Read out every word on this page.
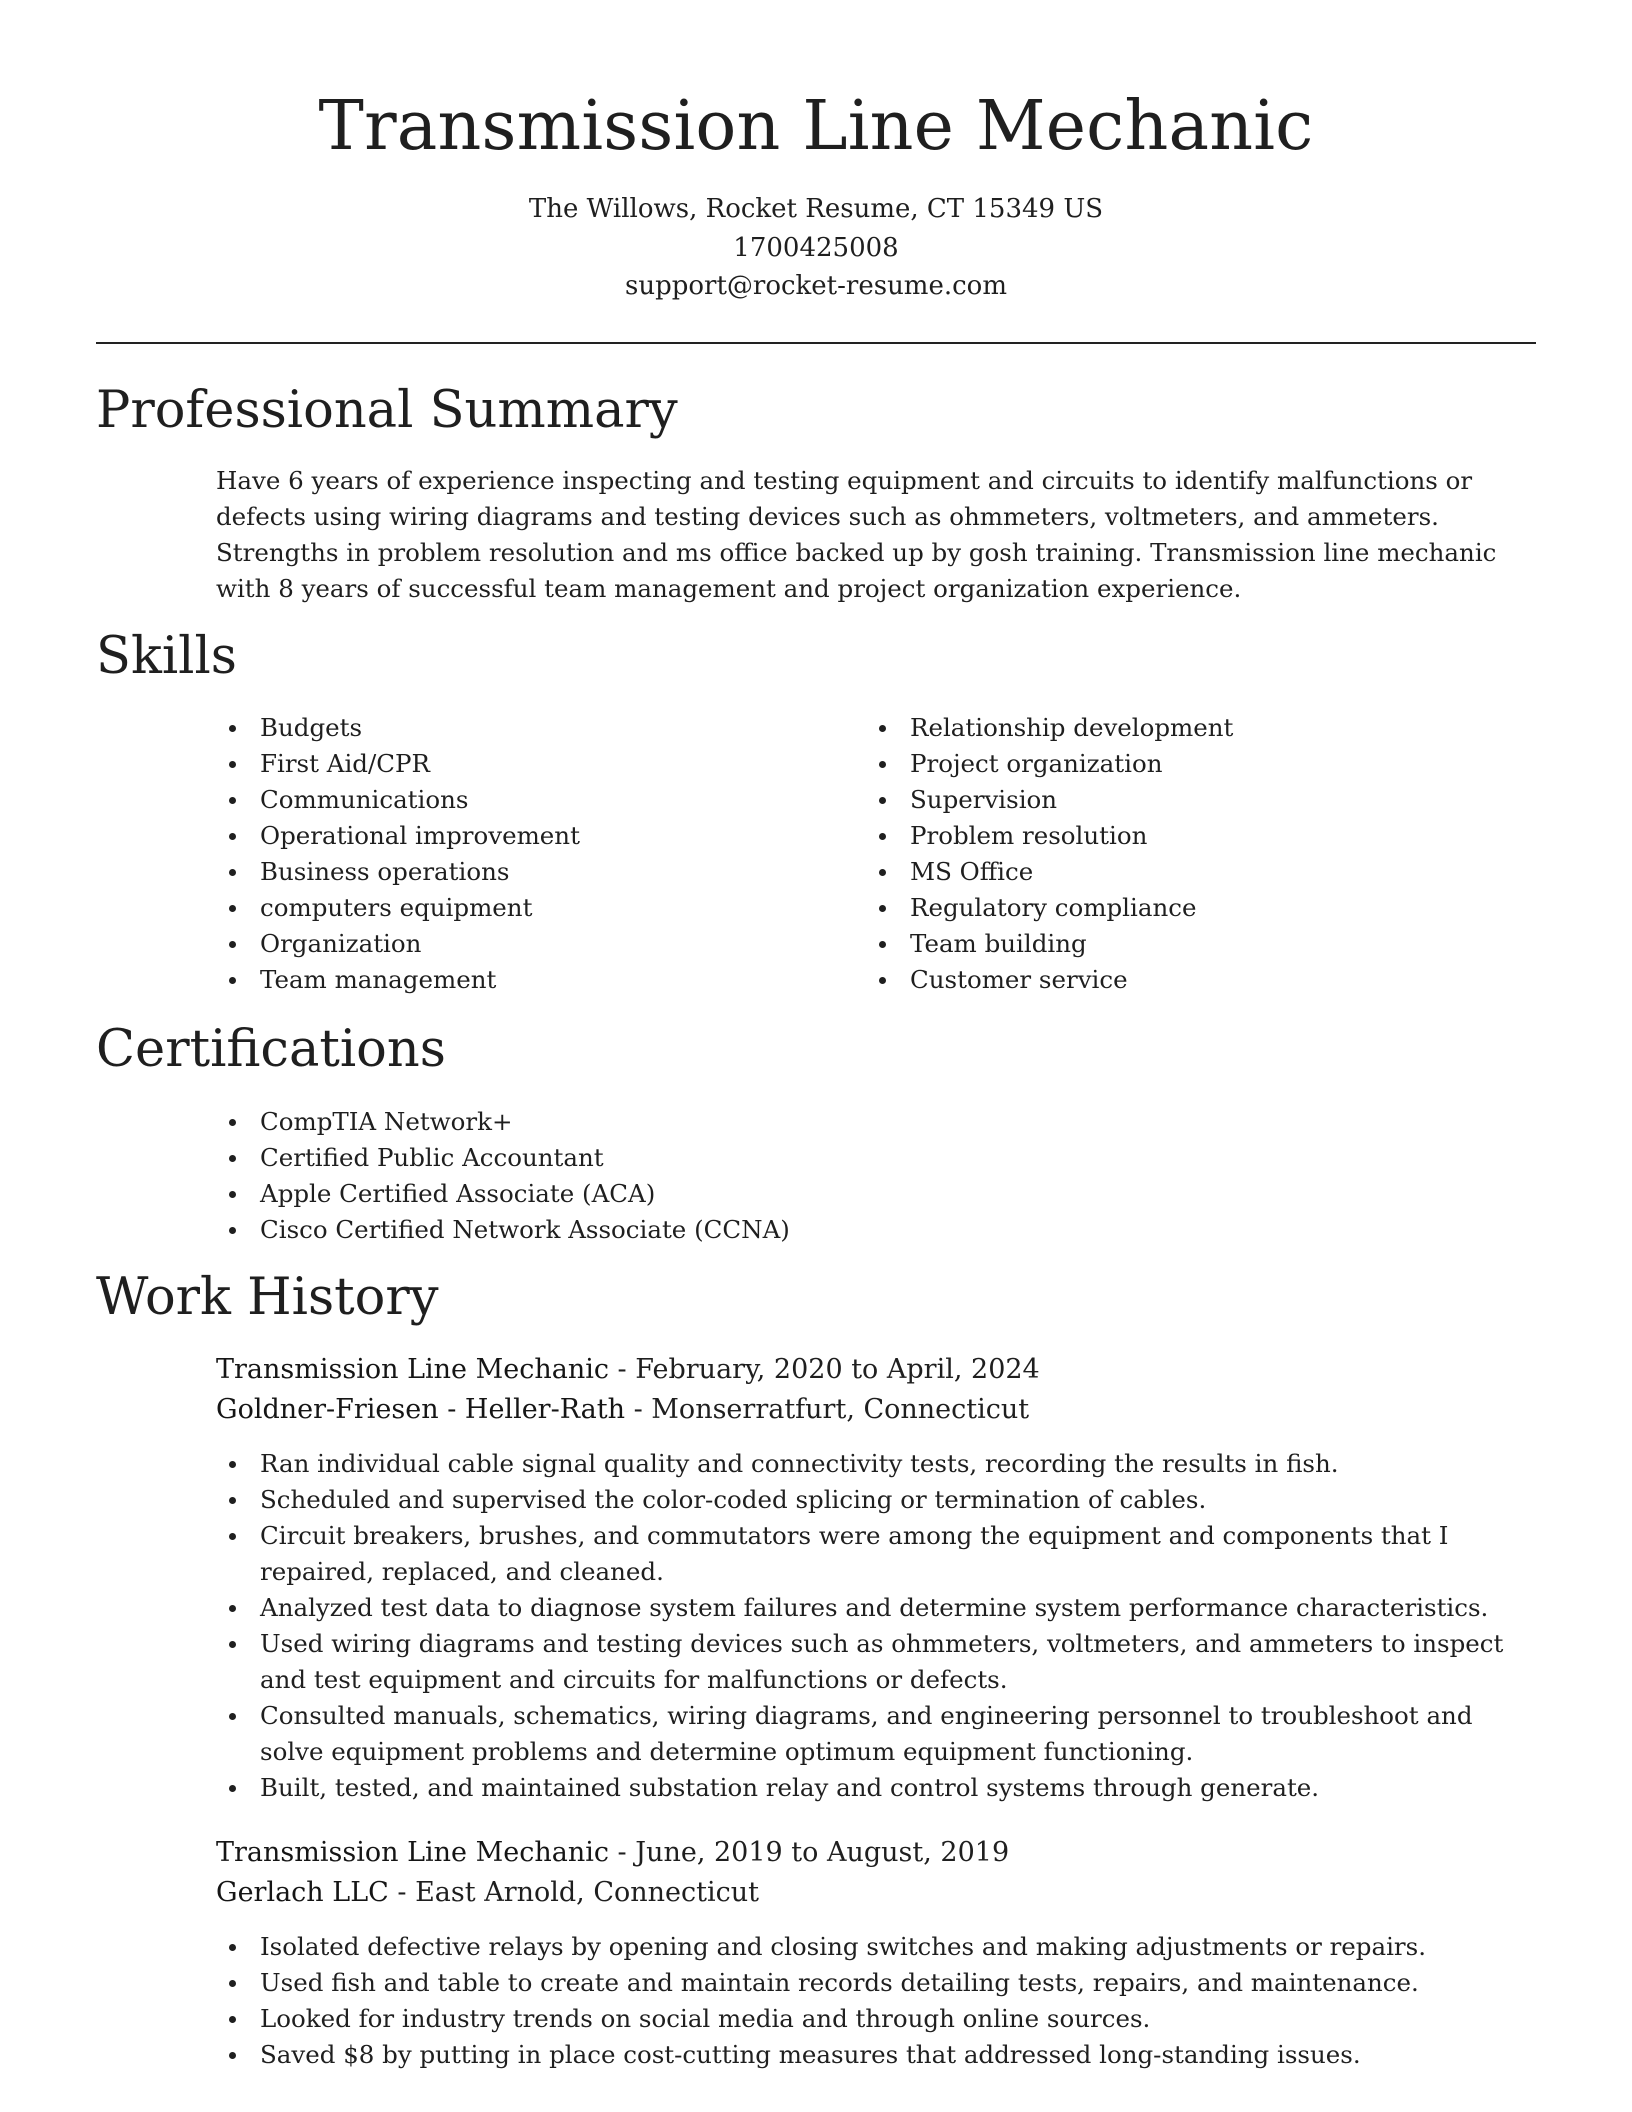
Transmission Line Mechanic

The Willows, Rocket Resume, CT 15349 US

1700425008

support@rocket-resume.com

Professional Summary

Have 6 years of experience inspecting and testing equipment and circuits to identify malfunctions or defects using wiring diagrams and testing devices such as ohmmeters, voltmeters, and ammeters. Strengths in problem resolution and ms office backed up by gosh training. Transmission line mechanic with 8 years of successful team management and project organization experience.

Skills
Budgets
First Aid/CPR
Communications
Operational improvement
Business operations
computers equipment
Organization
Team management
Relationship development
Project organization
Supervision
Problem resolution
MS Office
Regulatory compliance
Team building
Customer service
Certifications
CompTIA Network+
Certified Public Accountant
Apple Certified Associate (ACA)
Cisco Certified Network Associate (CCNA)
Work History

Transmission Line Mechanic - February, 2020 to April, 2024

Goldner-Friesen - Heller-Rath - Monserratfurt, Connecticut

Ran individual cable signal quality and connectivity tests, recording the results in fish.
Scheduled and supervised the color-coded splicing or termination of cables.
Circuit breakers, brushes, and commutators were among the equipment and components that I repaired, replaced, and cleaned.
Analyzed test data to diagnose system failures and determine system performance characteristics.
Used wiring diagrams and testing devices such as ohmmeters, voltmeters, and ammeters to inspect and test equipment and circuits for malfunctions or defects.
Consulted manuals, schematics, wiring diagrams, and engineering personnel to troubleshoot and solve equipment problems and determine optimum equipment functioning.
Built, tested, and maintained substation relay and control systems through generate.

Transmission Line Mechanic - June, 2019 to August, 2019

Gerlach LLC - East Arnold, Connecticut

Isolated defective relays by opening and closing switches and making adjustments or repairs.
Used fish and table to create and maintain records detailing tests, repairs, and maintenance.
Looked for industry trends on social media and through online sources.
Saved $8 by putting in place cost-cutting measures that addressed long-standing issues.
